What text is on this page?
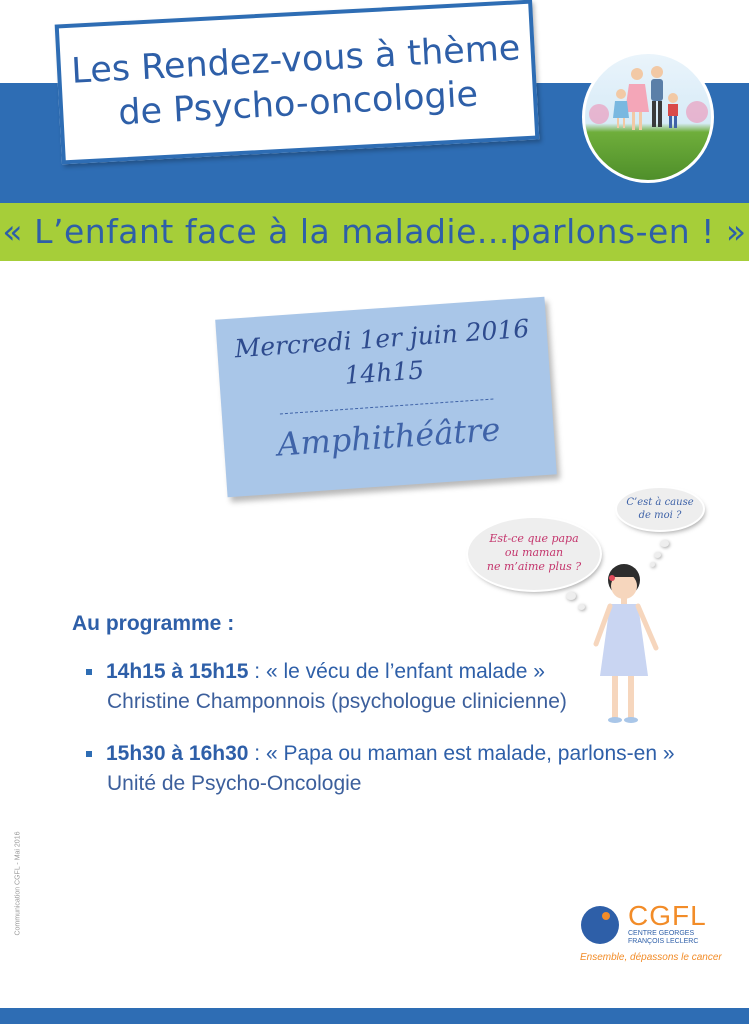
« L’enfant face à la maladie...parlons-en ! »
Les Rendez-vous à thème
de Psycho-oncologie
Mercredi 1er juin 2016
14h15
Amphithéâtre
Est-ce que papa
ou maman
ne m’aime plus ?
C’est à cause
de moi ?
Au programme :
14h15 à 15h15 : « le vécu de l’enfant malade »
Christine Champonnois (psychologue clinicienne)
15h30 à 16h30 : « Papa ou maman est malade, parlons-en »
Unité de Psycho-Oncologie
Communication CGFL - Mai 2016	CGFL
CENTRE GEORGES
FRANÇOIS LECLERC
Ensemble, dépassons le cancer
